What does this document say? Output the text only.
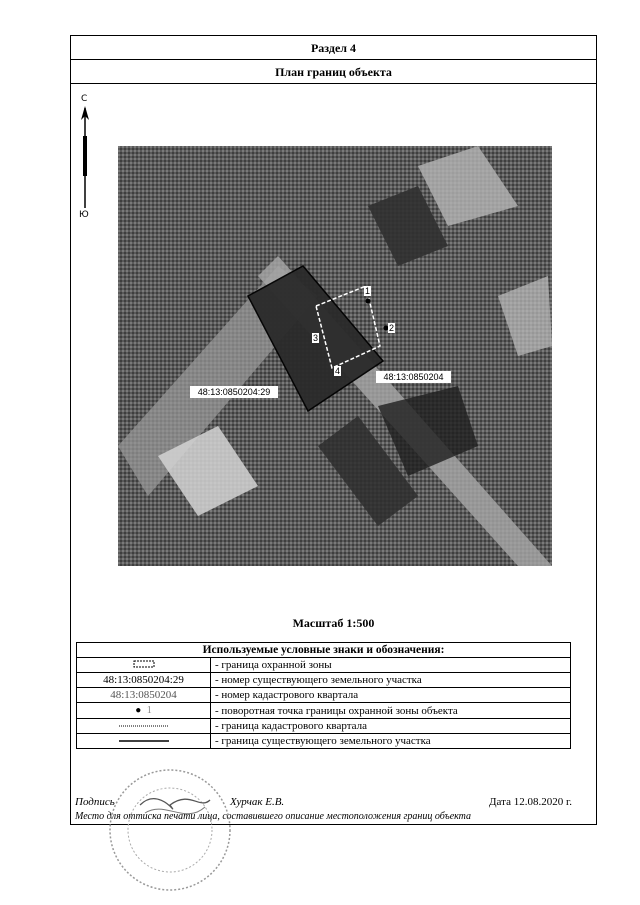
Раздел 4
План границ объекта
С
Ю
1
2
3
4
48:13:0850204:29
48:13:0850204
Масштаб 1:500
Используемые условные знаки и обозначения:	
	- граница охранной зоны
48:13:0850204:29	- номер существующего земельного участка
48:13:0850204	- номер кадастрового квартала
● 1	- поворотная точка границы охранной зоны объекта
	- граница кадастрового квартала
	- граница существующего земельного участка
Подпись	Хурчак Е.В.	Дата 12.08.2020 г.
Место для оттиска печати лица, составившего описание местоположения границ объекта
